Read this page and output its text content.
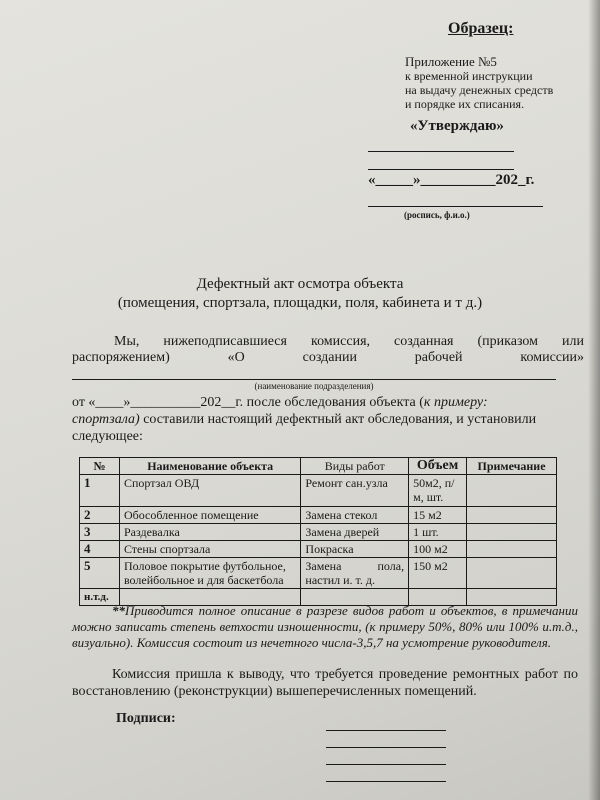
Образец:
Приложение №5
к временной инструкции
на выдачу денежных средств
и порядке их списания.
«Утверждаю»
«_____»__________202_г.
(роспись, ф.и.о.)
Дефектный акт осмотра объекта
(помещения, спортзала, площадки, поля, кабинета и т д.)
Мы, нижеподписавшиеся комиссия, созданная (приказом или
распоряжением) «О создании рабочей комиссии»
(наименование подразделения)
от «____»__________202__г. после обследования объекта ( к примеру:
спортзала) составили настоящий дефектный акт обследования, и установили
следующее:
№	Наименование объекта	Виды работ	Объем	Примечание
1	Спортзал ОВД	Ремонт сан.узла	50м2, п/м, шт.	
2	Обособленное помещение	Замена стекол	15 м2	
3	Раздевалка	Замена дверей	1 шт.	
4	Стены спортзала	Покраска	100 м2	
5	Половое покрытие футбольное, волейбольное и для баскетбола	Замена пола, настил и. т. д.	150 м2	
н.т.д.				
**Приводится полное описание в разрезе видов работ и объектов, в примечании можно записать степень ветхости изношенности, (к примеру 50%, 80% или 100% и.т.д., визуально). Комиссия состоит из нечетного числа-3,5,7 на усмотрение руководителя.
Комиссия пришла к выводу, что требуется проведение ремонтных работ по восстановлению (реконструкции) вышеперечисленных помещений.
Подписи:
